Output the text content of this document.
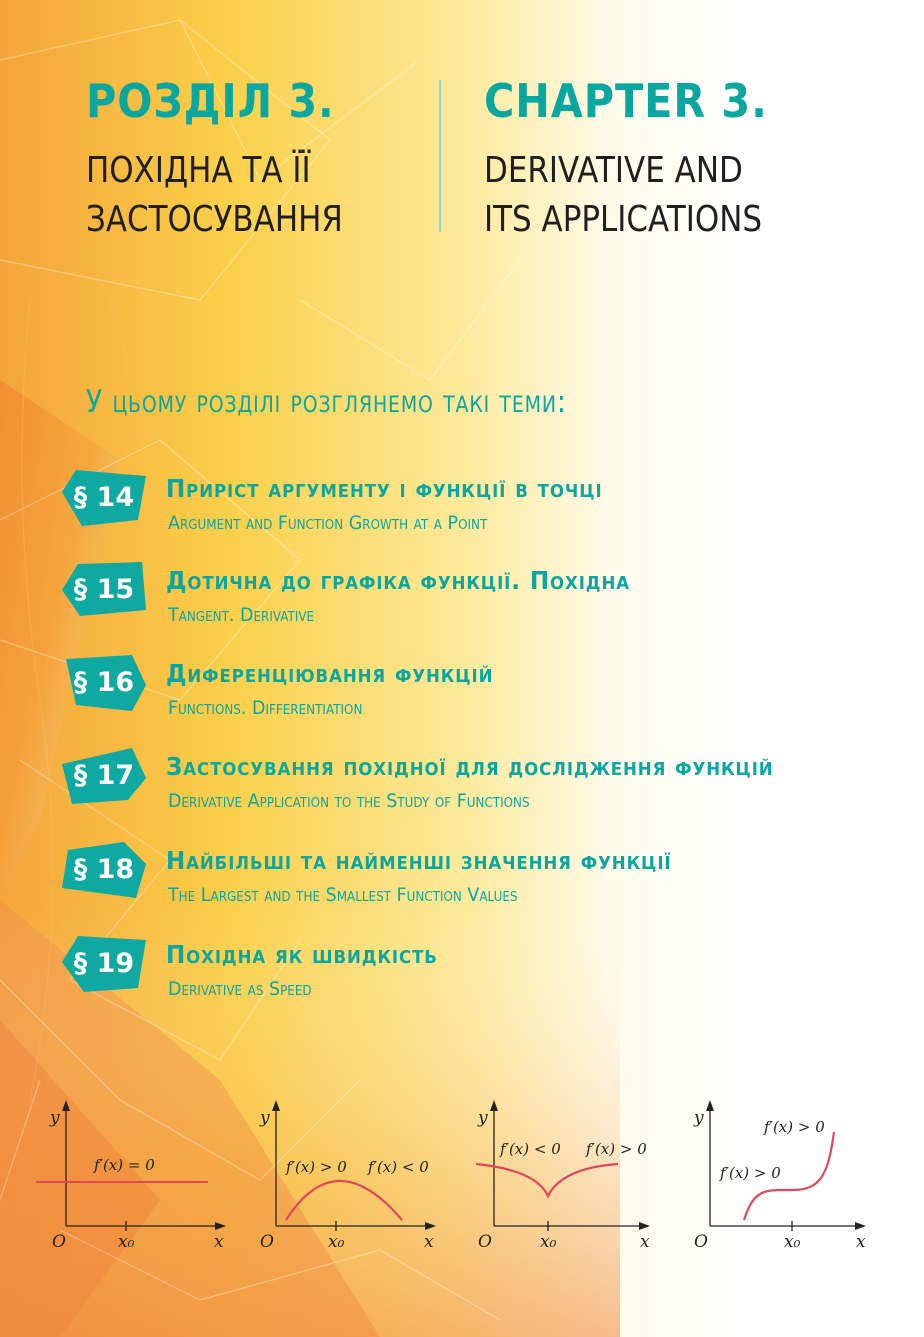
РОЗДІЛ 3.
ПОХІДНА ТА ЇЇ
ЗАСТОСУВАННЯ
CHAPTER 3.
DERIVATIVE AND
ITS APPLICATIONS
У цьому розділі розглянемо такі теми:
§ 14	Приріст аргументу і функції в точці
Argument and Function Growth at a Point
§ 15	Дотична до графіка функції. Похідна
Tangent. Derivative
§ 16	Диференціювання функцій
Functions. Differentiation
§ 17	Застосування похідної для дослідження функцій
Derivative Application to the Study of Functions
§ 18	Найбільші та найменші значення функції
The Largest and the Smallest Function Values
§ 19	Похідна як швидкість
Derivative as Speed
y
x
O	x₀
f′(x) = 0
y
x
O	x₀
f′(x) > 0 f′(x) < 0
y
x
O	x₀
f′(x) < 0 f′(x) > 0
y
x
O	x₀
f′(x) > 0
f′(x) > 0
